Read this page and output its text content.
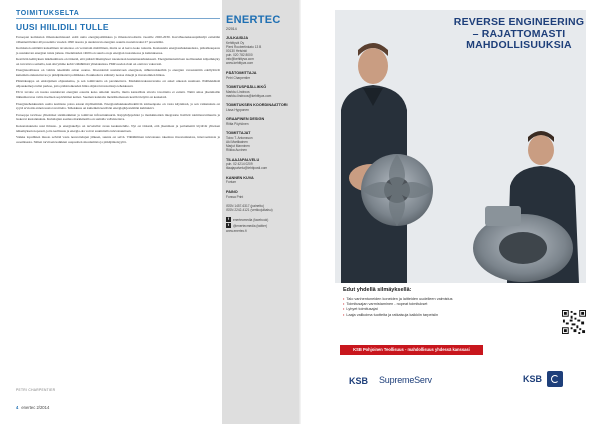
TOIMITUKSELTA
UUSI HIILIDILI TULLE

Euroopan komission ilmastokomissaari esitti uutta energiapolitiikkaa ja ilmastotavoitteita vuosille 2020-2030. Kasvihuonekaasupäästöjä esitetään vähennettäväksi 40 prosenttia vuoden 1990 tasosta ja uusiutuvan energian osuutta nostettavaksi 27 prosenttiin.

Komission esittämä kansallinen tavoitetaso on verrattain maltillinen, mutta se ei kerro koko totuutta. Keskustelu energiatehokkuudesta, päästökaupasta ja uusiutuvan energian tuista jatkuu. Jäsenmaiden välillä on suuria eroja energian tuotannossa ja kulutuksessa.

Kestävän kehityksen näkökulmasta on tärkeää, että päästövähennykset toteutetaan kustannustehokkaasti. Energiaintensiivisen teollisuuden kilpailukyky on turvattava samalla, kun siirrymme kohti vähähiilistä yhteiskuntaa. Hiilivuodon riski on otettava vakavasti.

Energiateollisuus on valmis tekemään oman osansa. Investoinnit uusiutuvaan energiaan, sähköverkkoihin ja energian varastointiin edellyttävät kuitenkin ennustettavaa ja pitkäjänteistä politiikkaa. Poukkoileva sääntely nostaa riskejä ja investointien hintaa.

Päästökauppa on ensisijainen ohjauskeino, ja sen toimivuutta on parannettava. Markkinavakausvaranto on askel oikeaan suuntaan. Päällekkäisiä ohjauskeinoja tulisi purkaa, jotta päästöoikeuden hinta ohjaisi investointeja tehokkaasti.

EU:n tavoite on nostaa uusiutuvan energian osuutta koko unionin tasolla, mutta kansallisia sitovia tavoitteita ei esitetä. Tämä antaa jäsenmaille liikkumavaraa valita itselleen sopivimmat keinot. Suomen kannalta metsäbiomassan kestävä käyttö on keskeistä.

Energiatehokkuuden osalta komissio palaa asiaan myöhemmin. Energiatehokkuusdirektiivin toimeenpano on vasta käynnissä, ja sen vaikutuksia on syytä arvioida ennen uusia tavoitteita. Tehokkuus on kuitenkin kestävän energiajärjestelmän kulmakivi.

Eurooppa tarvitsee yhtenäiset sisämarkkinat ja toimivan infrastruktuurin. Rajayhdysjohdot ja markkinoiden integraatio lisäävät toimitusvarmuutta ja laskevat kustannuksia. Kuluttajien asemaa markkinoilla on samalla vahvistettava.

Kokonaisuutena uusi ilmasto- ja energiakehys on tervetullut avaus keskustelulle. Nyt on tärkeää, että jäsenmaat ja parlamentti löytävät yhteisen näkemyksen nopeasti, jotta teollisuus ja energia-ala voivat suunnitella tulevaisuuttaan.

Vaikka lopullinen muoto selviää vasta neuvottelujen jälkeen, suunta on selvä. Vähähiilinen tulevaisuus rakentuu investoinneista, innovaatioista ja osaamisesta. Siihen tarvitaan kaikkien osapuolten sitoutumista ja pitkäjänteisyyttä.

PETRI CHARPENTIER
4 enertec 2/2014
ENERTEC

2/2014

JULKAISIJA

Kehittyvä Oy

Pieni Roobertinkatu 13 B

00130 Helsinki

puh. 020 782 8000

info@kehittyva.com

www.kehittyva.com

PÄÄTOIMITTAJA

Petri Charpentier

TOIMITUSPÄÄLLIKKÖ

Markku Lindroos

markku.lindroos@kehittyva.com

TOIMITUKSEN KOORDINAATTORI

Lissa Hypponen

GRAAFINEN DESIGN

Riitta Pöyhönen

TOIMITTAJAT

Toivo T. Antonsson

Aki Martikainen

Marjut Manninen

Riikka Auvinen

TILAAJAPALVELU

puh. 02 4214 0209

tilaajapalvelu@lehtiposti.com

KANNEN KUVA

Fortum

PAINO

Forssa Print

ISSN 1457-6317 (painettu)

ISSN 2242-4121 (verkkojulkaisu)

f	enertecmedia (facebook)
t	@enertecmedia (twitter)

www.enertec.fi

REVERSE ENGINEERING – RAJATTOMASTI MAHDOLLISUUKSIA

Edut yhdellä silmäyksellä:

• Talo vanhentuneiden koneiden ja laitteiden uudelleen valmistus
• Toimitusajan varmistaminen - nopeat toimitukset
• Lyhyet toimitusajat
• Laaja valikoima tuotteita ja ratkaisuja kaikkiin tarpeisiin
KSB Pohjoinen Teollisuus - mahdollisuus yhdessä kanssasi
KSB SupremeServ	KSB
